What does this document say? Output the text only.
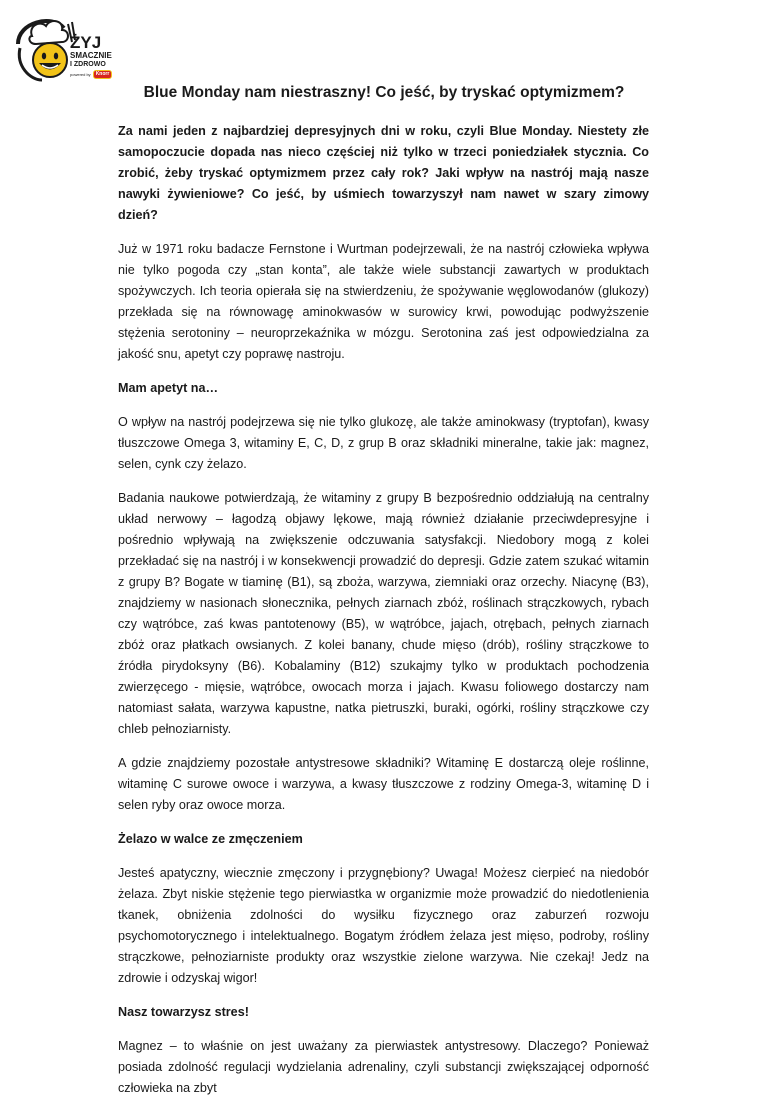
ŻYJ
SMACZNIE
I ZDROWO
powered by	Knorr
Blue Monday nam niestraszny! Co jeść, by tryskać optymizmem?

Za nami jeden z najbardziej depresyjnych dni w roku, czyli Blue Monday. Niestety złe samopoczucie dopada nas nieco częściej niż tylko w trzeci poniedziałek stycznia. Co zrobić, żeby tryskać optymizmem przez cały rok? Jaki wpływ na nastrój mają nasze nawyki żywieniowe? Co jeść, by uśmiech towarzyszył nam nawet w szary zimowy dzień?

Już w 1971 roku badacze Fernstone i Wurtman podejrzewali, że na nastrój człowieka wpływa nie tylko pogoda czy „stan konta”, ale także wiele substancji zawartych w produktach spożywczych. Ich teoria opierała się na stwierdzeniu, że spożywanie węglowodanów (glukozy) przekłada się na równowagę aminokwasów w surowicy krwi, powodując podwyższenie stężenia serotoniny – neuroprzekaźnika w mózgu. Serotonina zaś jest odpowiedzialna za jakość snu, apetyt czy poprawę nastroju.

Mam apetyt na…

O wpływ na nastrój podejrzewa się nie tylko glukozę, ale także aminokwasy (tryptofan), kwasy tłuszczowe Omega 3, witaminy E, C, D, z grup B oraz składniki mineralne, takie jak: magnez, selen, cynk czy żelazo.

Badania naukowe potwierdzają, że witaminy z grupy B bezpośrednio oddziałują na centralny układ nerwowy – łagodzą objawy lękowe, mają również działanie przeciwdepresyjne i pośrednio wpływają na zwiększenie odczuwania satysfakcji. Niedobory mogą z kolei przekładać się na nastrój i w konsekwencji prowadzić do depresji. Gdzie zatem szukać witamin z grupy B? Bogate w tiaminę (B1), są zboża, warzywa, ziemniaki oraz orzechy. Niacynę (B3), znajdziemy w nasionach słonecznika, pełnych ziarnach zbóż, roślinach strączkowych, rybach czy wątróbce, zaś kwas pantotenowy (B5), w wątróbce, jajach, otrębach, pełnych ziarnach zbóż oraz płatkach owsianych. Z kolei banany, chude mięso (drób), rośliny strączkowe to źródła pirydoksyny (B6). Kobalaminy (B12) szukajmy tylko w produktach pochodzenia zwierzęcego - mięsie, wątróbce, owocach morza i jajach. Kwasu foliowego dostarczy nam natomiast sałata, warzywa kapustne, natka pietruszki, buraki, ogórki, rośliny strączkowe czy chleb pełnoziarnisty.

A gdzie znajdziemy pozostałe antystresowe składniki? Witaminę E dostarczą oleje roślinne, witaminę C surowe owoce i warzywa, a kwasy tłuszczowe z rodziny Omega-3, witaminę D i selen ryby oraz owoce morza.

Żelazo w walce ze zmęczeniem

Jesteś apatyczny, wiecznie zmęczony i przygnębiony? Uwaga! Możesz cierpieć na niedobór żelaza. Zbyt niskie stężenie tego pierwiastka w organizmie może prowadzić do niedotlenienia tkanek, obniżenia zdolności do wysiłku fizycznego oraz zaburzeń rozwoju psychomotorycznego i intelektualnego. Bogatym źródłem żelaza jest mięso, podroby, rośliny strączkowe, pełnoziarniste produkty oraz wszystkie zielone warzywa. Nie czekaj! Jedz na zdrowie i odzyskaj wigor!

Nasz towarzysz stres!

Magnez – to właśnie on jest uważany za pierwiastek antystresowy. Dlaczego? Ponieważ posiada zdolność regulacji wydzielania adrenaliny, czyli substancji zwiększającej odporność człowieka na zbyt
